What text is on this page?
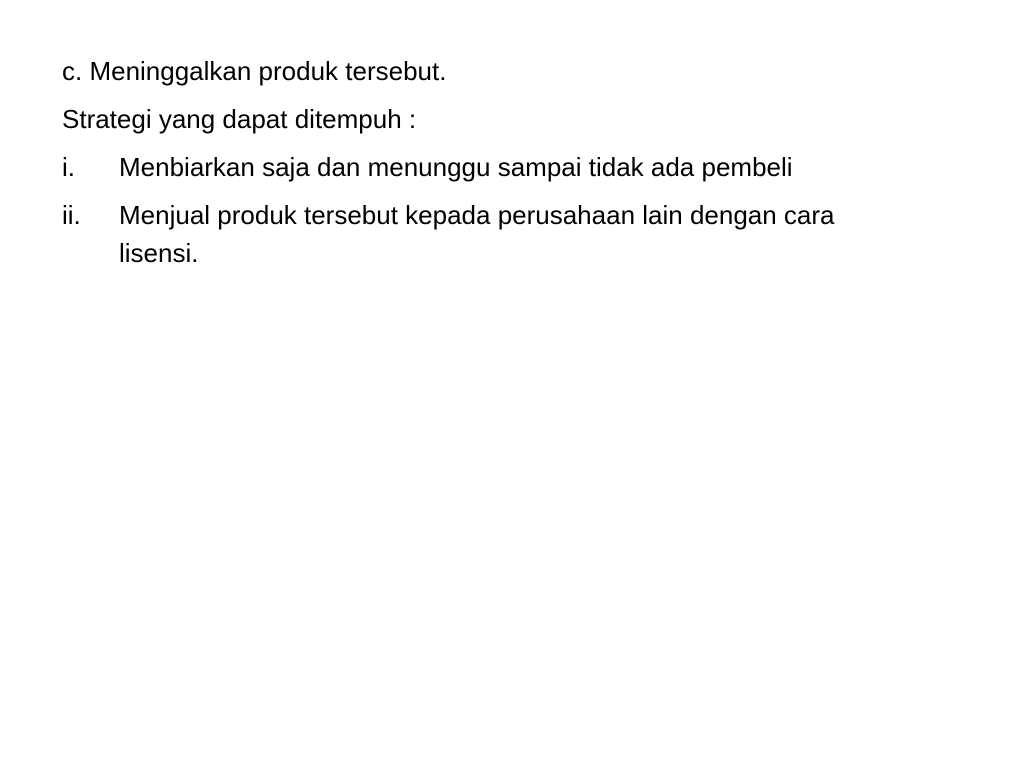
c. Meninggalkan produk tersebut.

Strategi yang dapat ditempuh :

i. Menbiarkan saja dan menunggu sampai tidak ada pembeli
ii. Menjual produk tersebut kepada perusahaan lain dengan cara lisensi.
